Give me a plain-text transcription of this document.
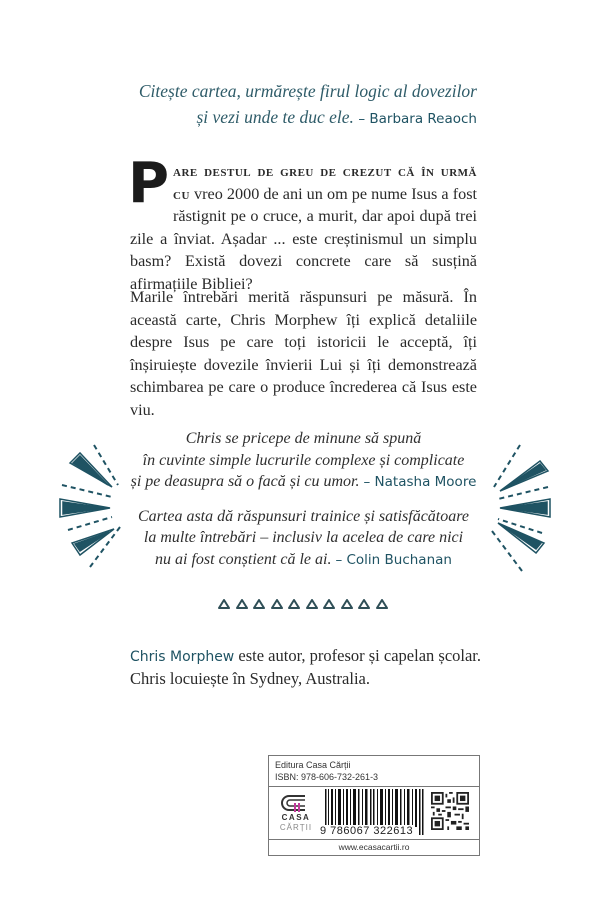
Citește cartea, urmărește firul logic al dovezilor
și vezi unde te duc ele. – Barbara Reaoch
Pare destul de greu de crezut că în urmă cu vreo 2000 de ani un om pe nume Isus a fost răstignit pe o cruce, a murit, dar apoi după trei zile a înviat. Așadar ... este creștinismul un simplu basm? Există dovezi concrete care să susțină afirmațiile Bibliei?
Marile întrebări merită răspunsuri pe măsură. În această carte, Chris Morphew îți explică detaliile despre Isus pe care toți istoricii le acceptă, îți înșiruiește dovezile învierii Lui și îți demonstrează schimbarea pe care o produce încrederea că Isus este viu.
Chris se pricepe de minune să spună
în cuvinte simple lucrurile complexe și complicate
și pe deasupra să o facă și cu umor. – Natasha Moore
Cartea asta dă răspunsuri trainice și satisfăcătoare
la multe întrebări – inclusiv la acelea de care nici
nu ai fost conștient că le ai. – Colin Buchanan
Chris Morphew este autor, profesor și capelan școlar.
Chris locuiește în Sydney, Australia.
Editura Casa Cărții
ISBN: 978-606-732-261-3
CASA
CĂRȚII 9 786067 322613
www.ecasacartii.ro
